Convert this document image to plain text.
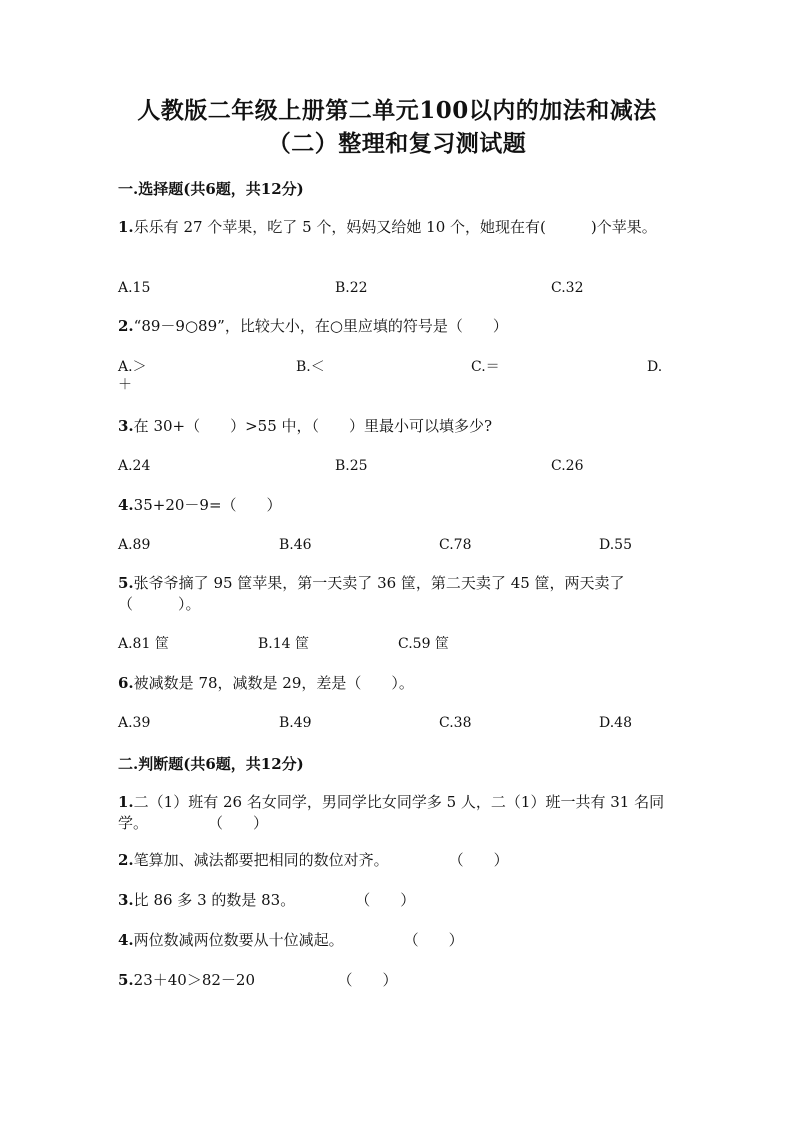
人教版二年级上册第二单元100以内的加法和减法
（二）整理和复习测试题
一.选择题(共6题，共12分)
1.乐乐有 27 个苹果，吃了 5 个，妈妈又给她 10 个，她现在有(　　　)个苹果。
A.15	B.22	C.32
2.“89－9○89”，比较大小，在○里应填的符号是（　　）
A.＞	B.＜	C.＝	D.
＋
3.在 30+（　　）>55 中，（　　）里最小可以填多少?
A.24	B.25	C.26
4.35+20－9=（　　）
A.89	B.46	C.78	D.55
5.张爷爷摘了 95 筐苹果，第一天卖了 36 筐，第二天卖了 45 筐，两天卖了（　　　）。
A.81 筐	B.14 筐	C.59 筐
6.被减数是 78，减数是 29，差是（　　）。
A.39	B.49	C.38	D.48
二.判断题(共6题，共12分)
1.二（1）班有 26 名女同学，男同学比女同学多 5 人，二（1）班一共有 31 名同学。　　　　　（　　）
2.笔算加、减法都要把相同的数位对齐。　　　　　（　　）
3.比 86 多 3 的数是 83。　　　　　（　　）
4.两位数减两位数要从十位减起。　　　　　（　　）
5.23＋40＞82－20　　　　　　（　　）
